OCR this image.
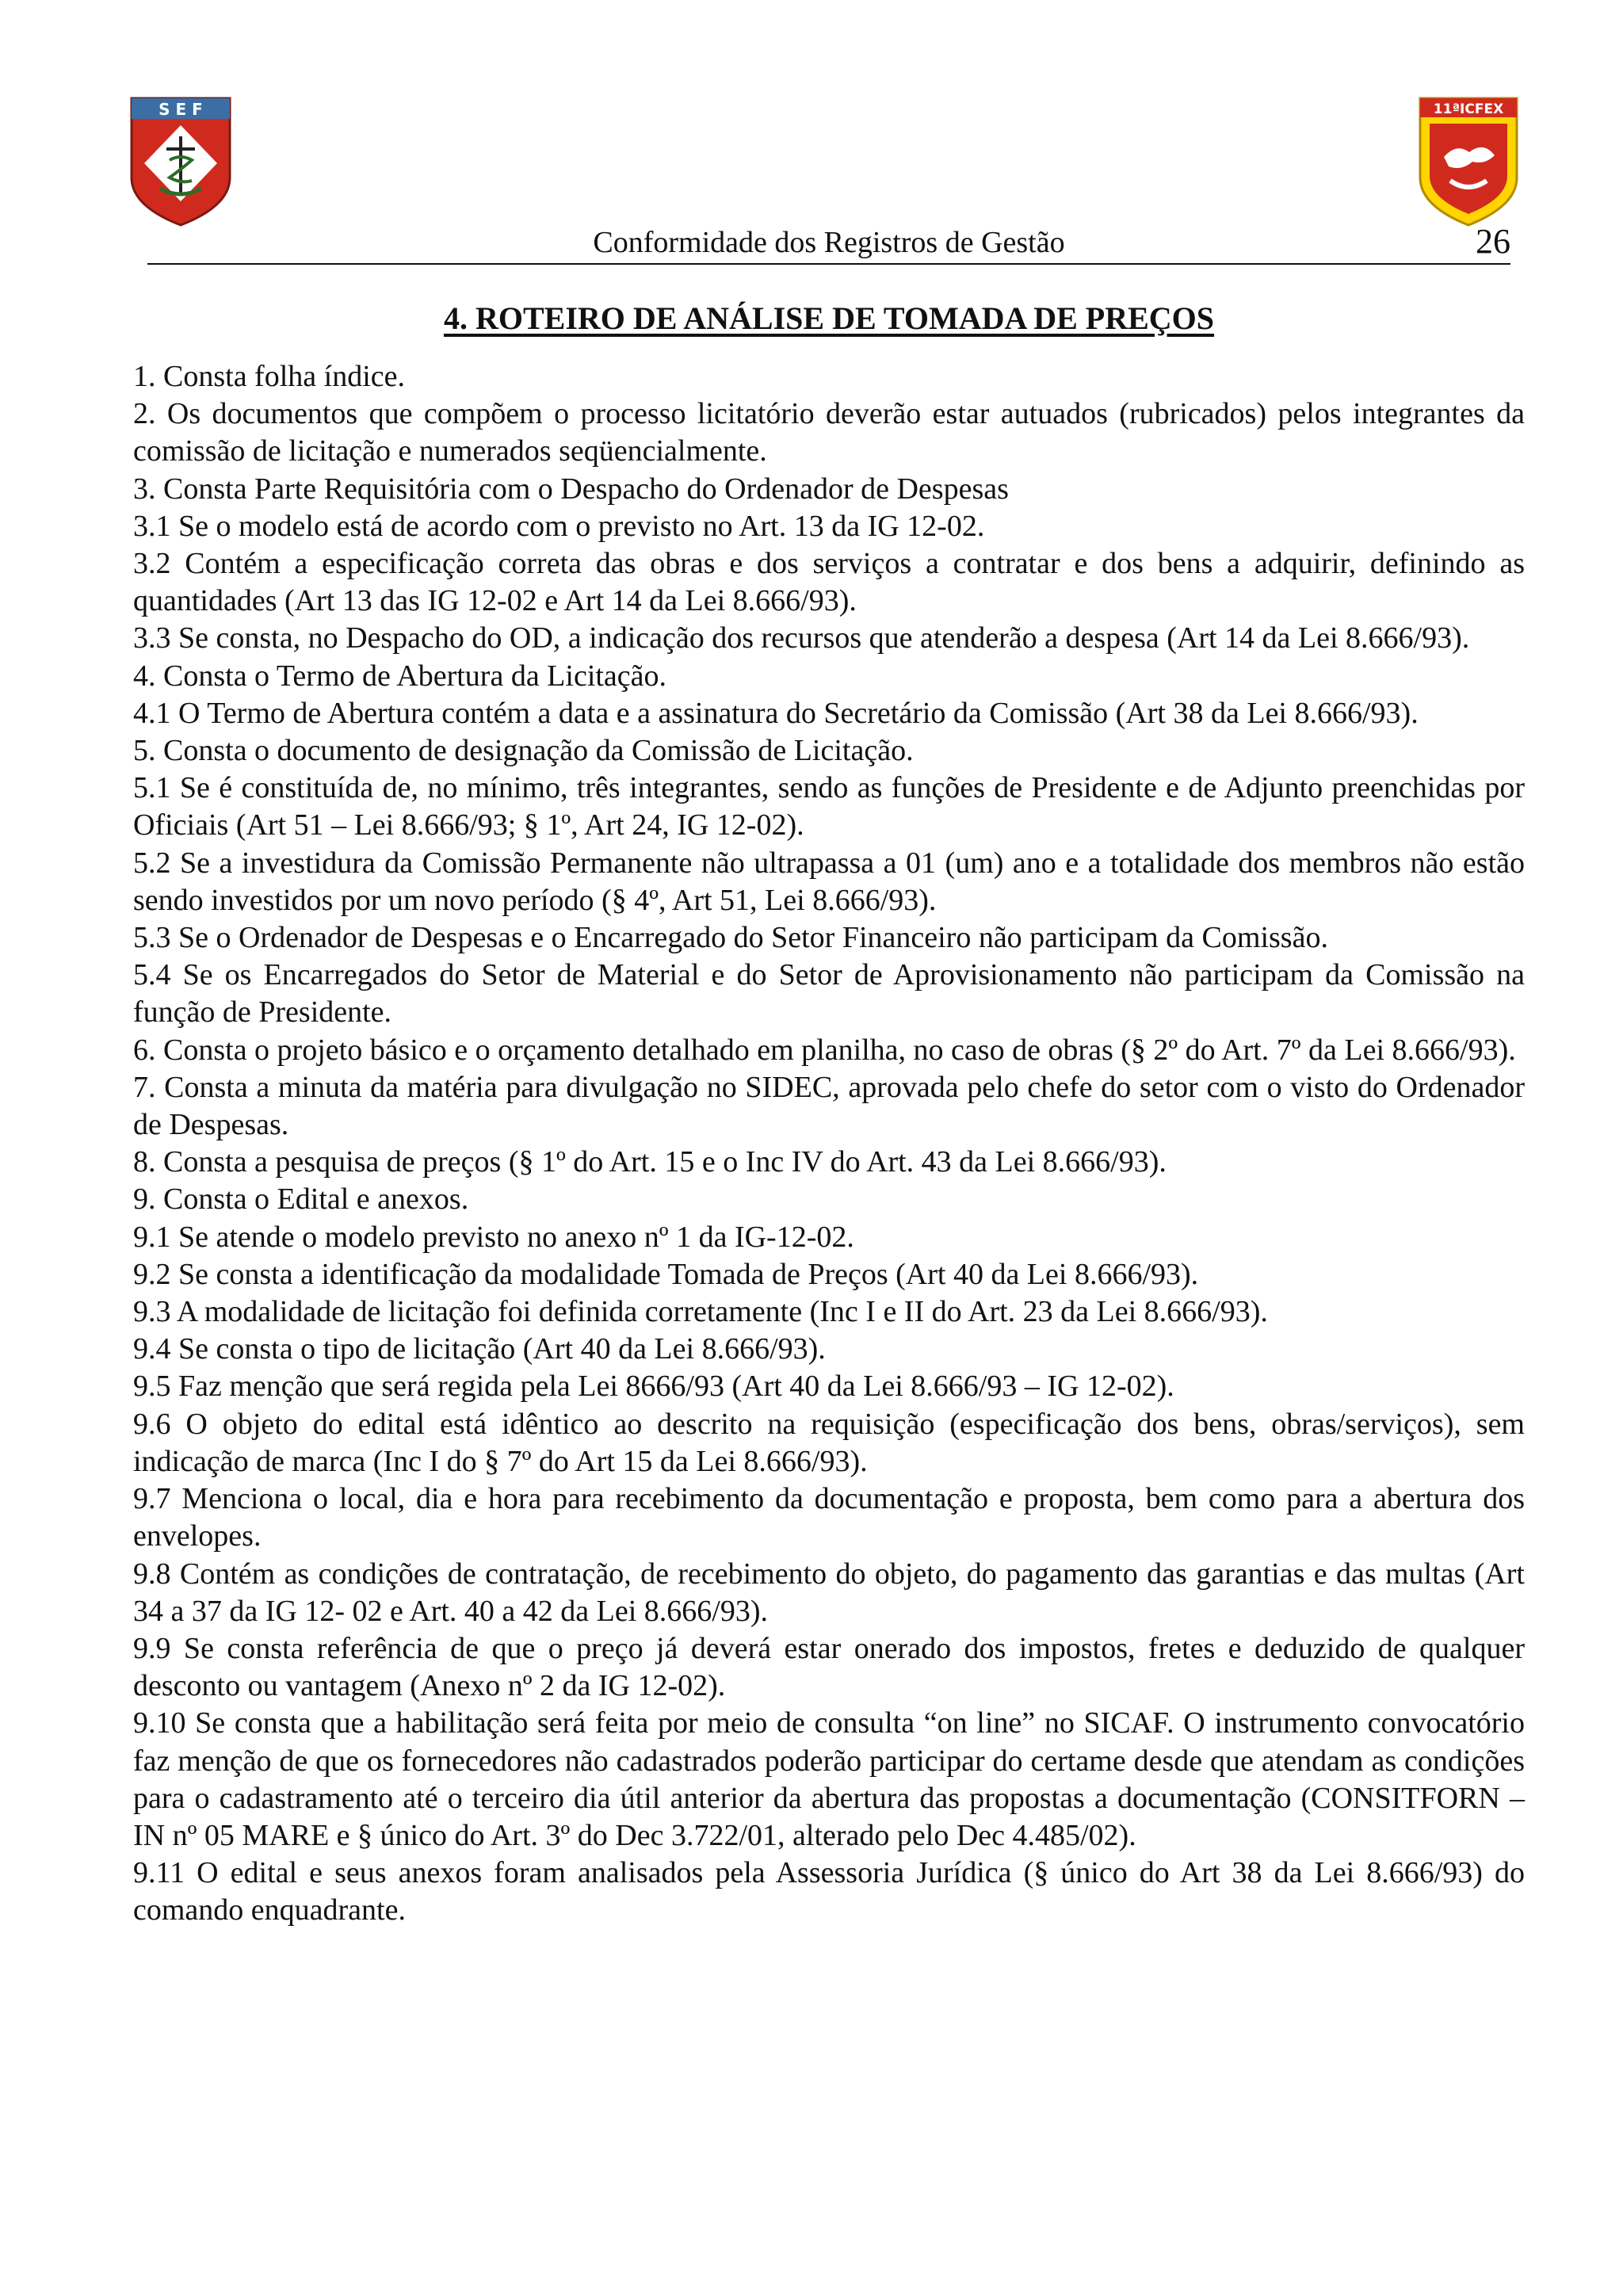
S E F	11ªICFEX
Conformidade dos Registros de Gestão	26
4. ROTEIRO DE ANÁLISE DE TOMADA DE PREÇOS

1. Consta folha índice.

2. Os documentos que compõem o processo licitatório deverão estar autuados (rubricados) pelos integrantes da comissão de licitação e numerados seqüencialmente.

3. Consta Parte Requisitória com o Despacho do Ordenador de Despesas

3.1 Se o modelo está de acordo com o previsto no Art. 13 da IG 12-02.

3.2 Contém a especificação correta das obras e dos serviços a contratar e dos bens a adquirir, definindo as quantidades (Art 13 das IG 12-02 e Art 14 da Lei 8.666/93).

3.3 Se consta, no Despacho do OD, a indicação dos recursos que atenderão a despesa (Art 14 da Lei 8.666/93).

4. Consta o Termo de Abertura da Licitação.

4.1 O Termo de Abertura contém a data e a assinatura do Secretário da Comissão (Art 38 da Lei 8.666/93).

5. Consta o documento de designação da Comissão de Licitação.

5.1 Se é constituída de, no mínimo, três integrantes, sendo as funções de Presidente e de Adjunto preenchidas por Oficiais (Art 51 – Lei 8.666/93; § 1º, Art 24, IG 12-02).

5.2 Se a investidura da Comissão Permanente não ultrapassa a 01 (um) ano e a totalidade dos membros não estão sendo investidos por um novo período (§ 4º, Art 51, Lei 8.666/93).

5.3 Se o Ordenador de Despesas e o Encarregado do Setor Financeiro não participam da Comissão.

5.4 Se os Encarregados do Setor de Material e do Setor de Aprovisionamento não participam da Comissão na função de Presidente.

6. Consta o projeto básico e o orçamento detalhado em planilha, no caso de obras (§ 2º do Art. 7º da Lei 8.666/93).

7. Consta a minuta da matéria para divulgação no SIDEC, aprovada pelo chefe do setor com o visto do Ordenador de Despesas.

8. Consta a pesquisa de preços (§ 1º do Art. 15 e o Inc IV do Art. 43 da Lei 8.666/93).

9. Consta o Edital e anexos.

9.1 Se atende o modelo previsto no anexo nº 1 da IG-12-02.

9.2 Se consta a identificação da modalidade Tomada de Preços (Art 40 da Lei 8.666/93).

9.3 A modalidade de licitação foi definida corretamente (Inc I e II do Art. 23 da Lei 8.666/93).

9.4 Se consta o tipo de licitação (Art 40 da Lei 8.666/93).

9.5 Faz menção que será regida pela Lei 8666/93 (Art 40 da Lei 8.666/93 – IG 12-02).

9.6 O objeto do edital está idêntico ao descrito na requisição (especificação dos bens, obras/serviços), sem indicação de marca (Inc I do § 7º do Art 15 da Lei 8.666/93).

9.7 Menciona o local, dia e hora para recebimento da documentação e proposta, bem como para a abertura dos envelopes.

9.8 Contém as condições de contratação, de recebimento do objeto, do pagamento das garantias e das multas (Art 34 a 37 da IG 12- 02 e Art. 40 a 42 da Lei 8.666/93).

9.9 Se consta referência de que o preço já deverá estar onerado dos impostos, fretes e deduzido de qualquer desconto ou vantagem (Anexo nº 2 da IG 12-02).

9.10 Se consta que a habilitação será feita por meio de consulta “on line” no SICAF. O instrumento convocatório faz menção de que os fornecedores não cadastrados poderão participar do certame desde que atendam as condições para o cadastramento até o terceiro dia útil anterior da abertura das propostas a documentação (CONSITFORN – IN nº 05 MARE e § único do Art. 3º do Dec 3.722/01, alterado pelo Dec 4.485/02).

9.11 O edital e seus anexos foram analisados pela Assessoria Jurídica (§ único do Art 38 da Lei 8.666/93) do comando enquadrante.
